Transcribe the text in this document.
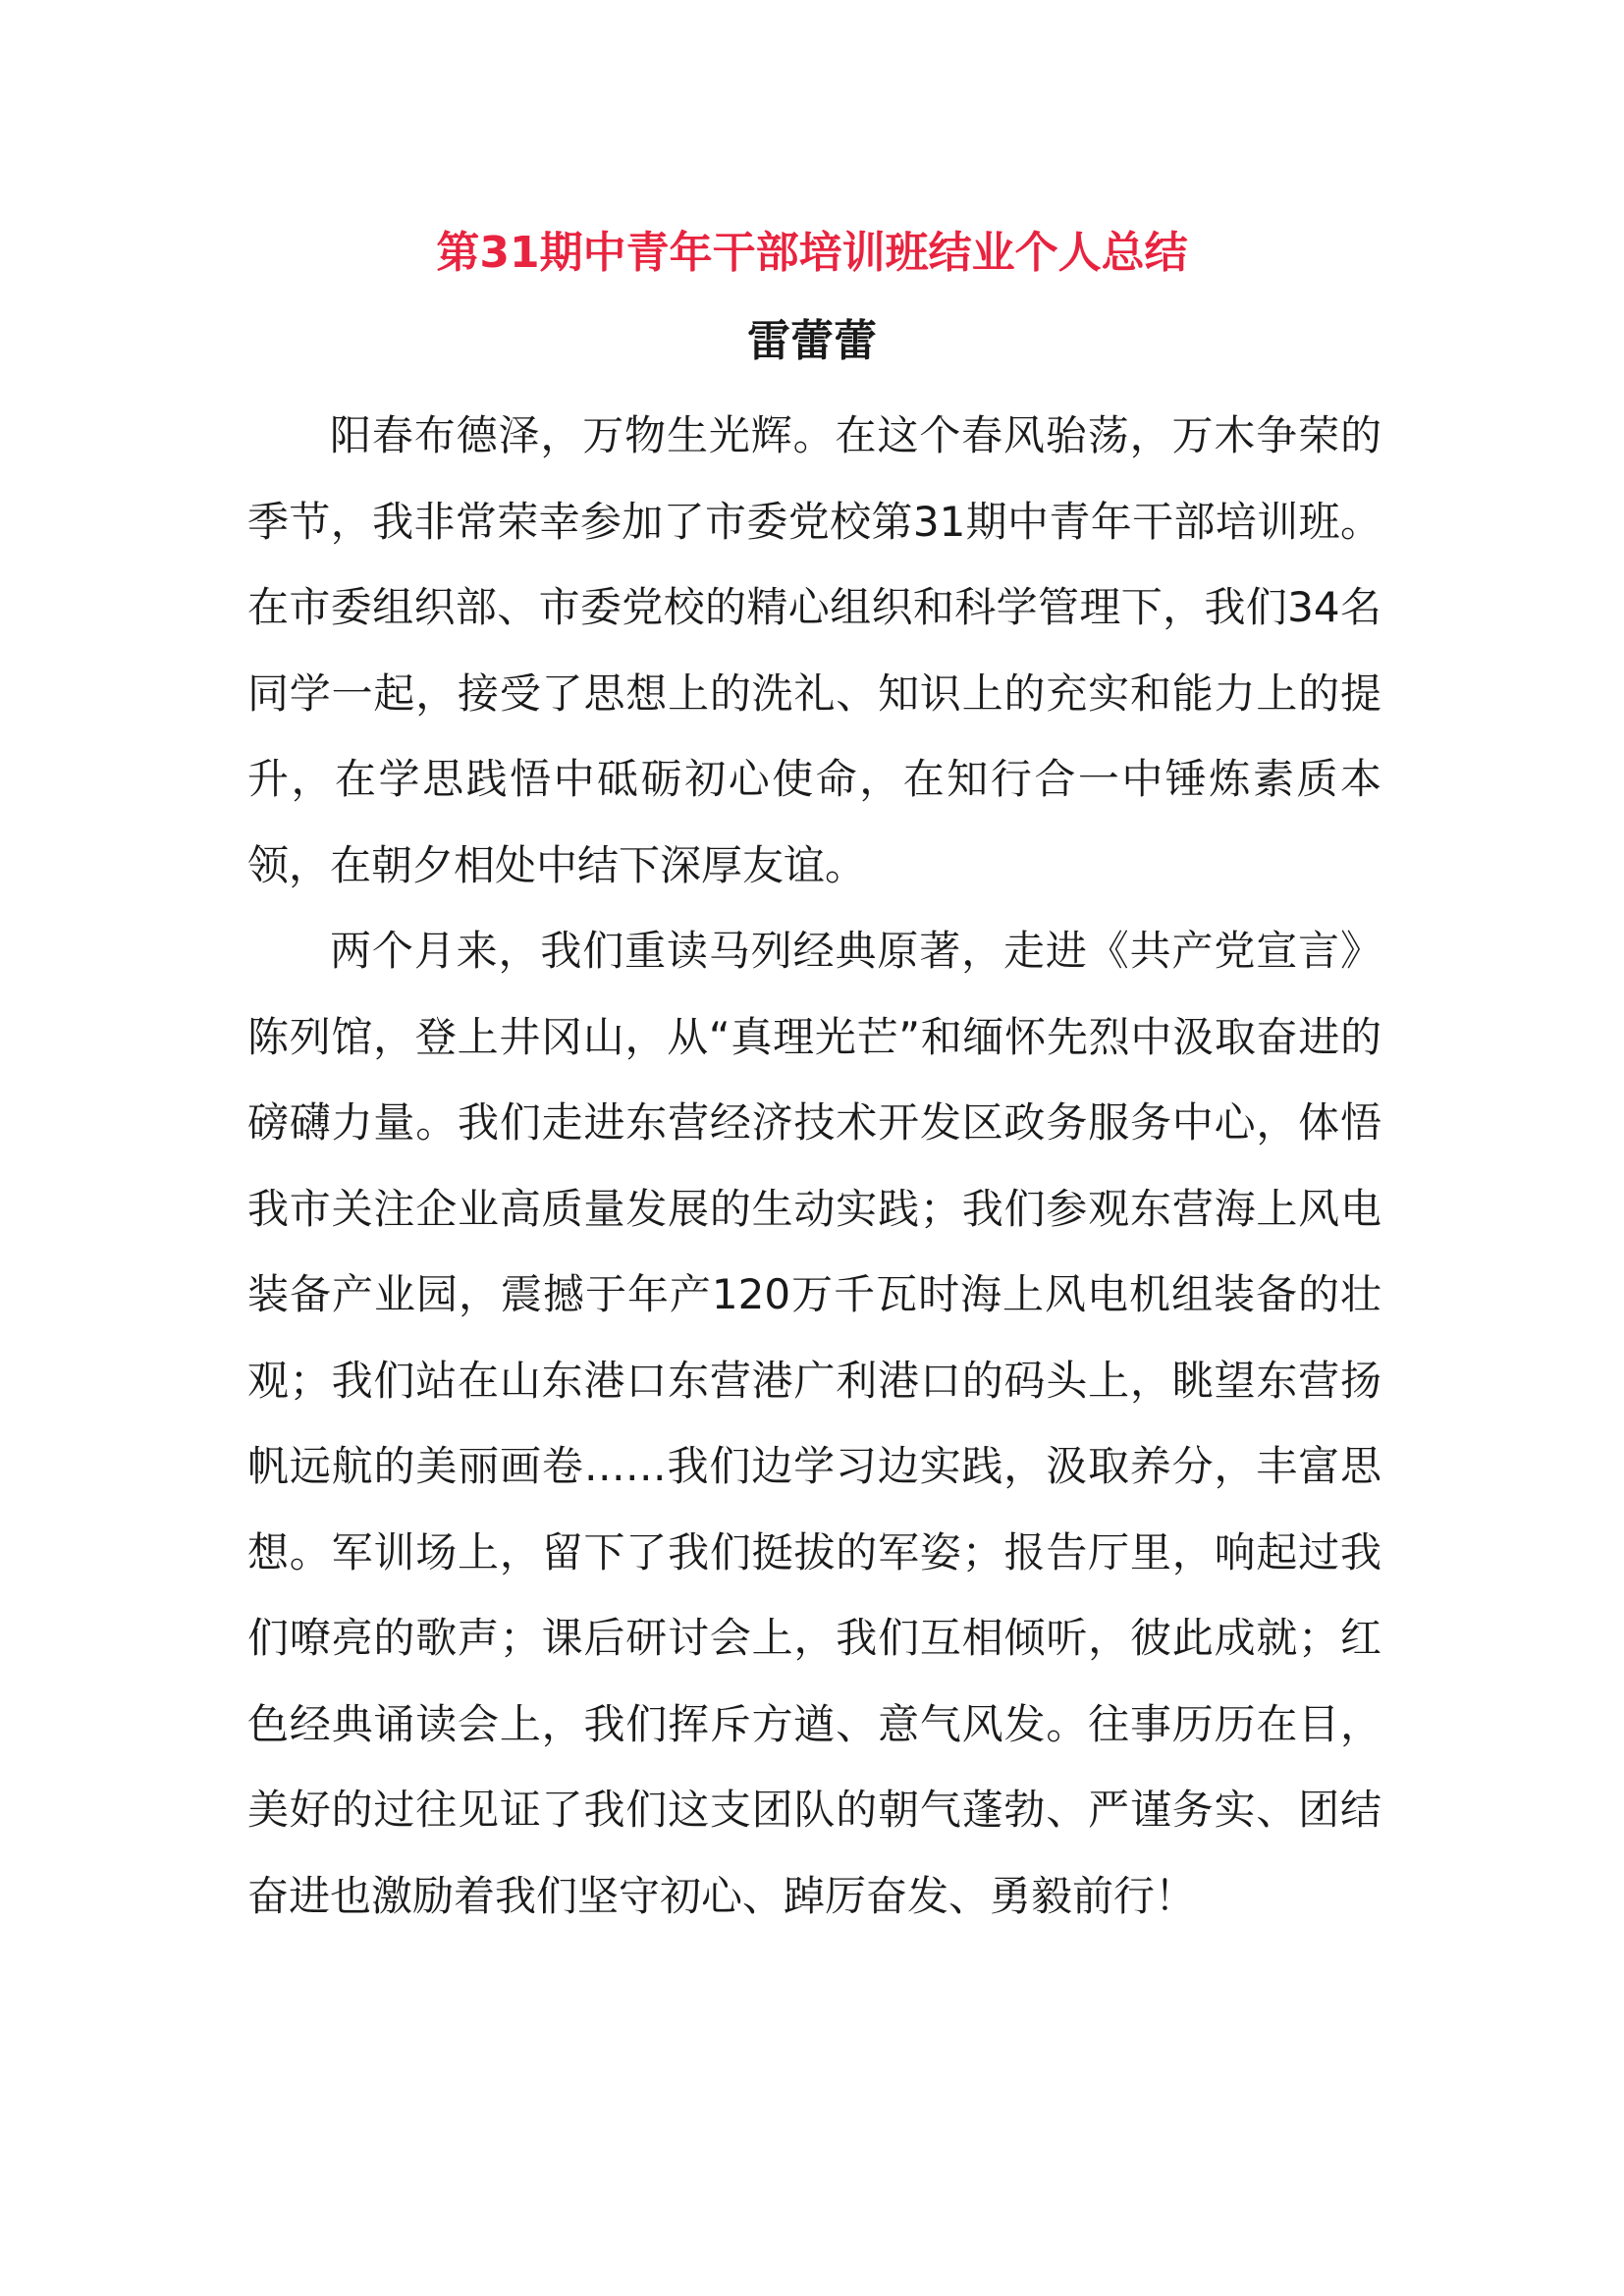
第31期中青年干部培训班结业个人总结
雷蕾蕾

阳春布德泽，万物生光辉。在这个春风骀荡，万木争荣的季节，我非常荣幸参加了市委党校第31期中青年干部培训班。在市委组织部、市委党校的精心组织和科学管理下，我们34名同学一起，接受了思想上的洗礼、知识上的充实和能力上的提升，在学思践悟中砥砺初心使命，在知行合一中锤炼素质本领，在朝夕相处中结下深厚友谊。

两个月来，我们重读马列经典原著，走进《共产党宣言》陈列馆，登上井冈山，从“真理光芒”和缅怀先烈中汲取奋进的磅礴力量。我们走进东营经济技术开发区政务服务中心，体悟我市关注企业高质量发展的生动实践；我们参观东营海上风电装备产业园，震撼于年产120万千瓦时海上风电机组装备的壮观；我们站在山东港口东营港广利港口的码头上，眺望东营扬帆远航的美丽画卷……我们边学习边实践，汲取养分，丰富思想。军训场上，留下了我们挺拔的军姿；报告厅里，响起过我们嘹亮的歌声；课后研讨会上，我们互相倾听，彼此成就；红色经典诵读会上，我们挥斥方遒、意气风发。往事历历在目，美好的过往见证了我们这支团队的朝气蓬勃、严谨务实、团结奋进也激励着我们坚守初心、踔厉奋发、勇毅前行！
